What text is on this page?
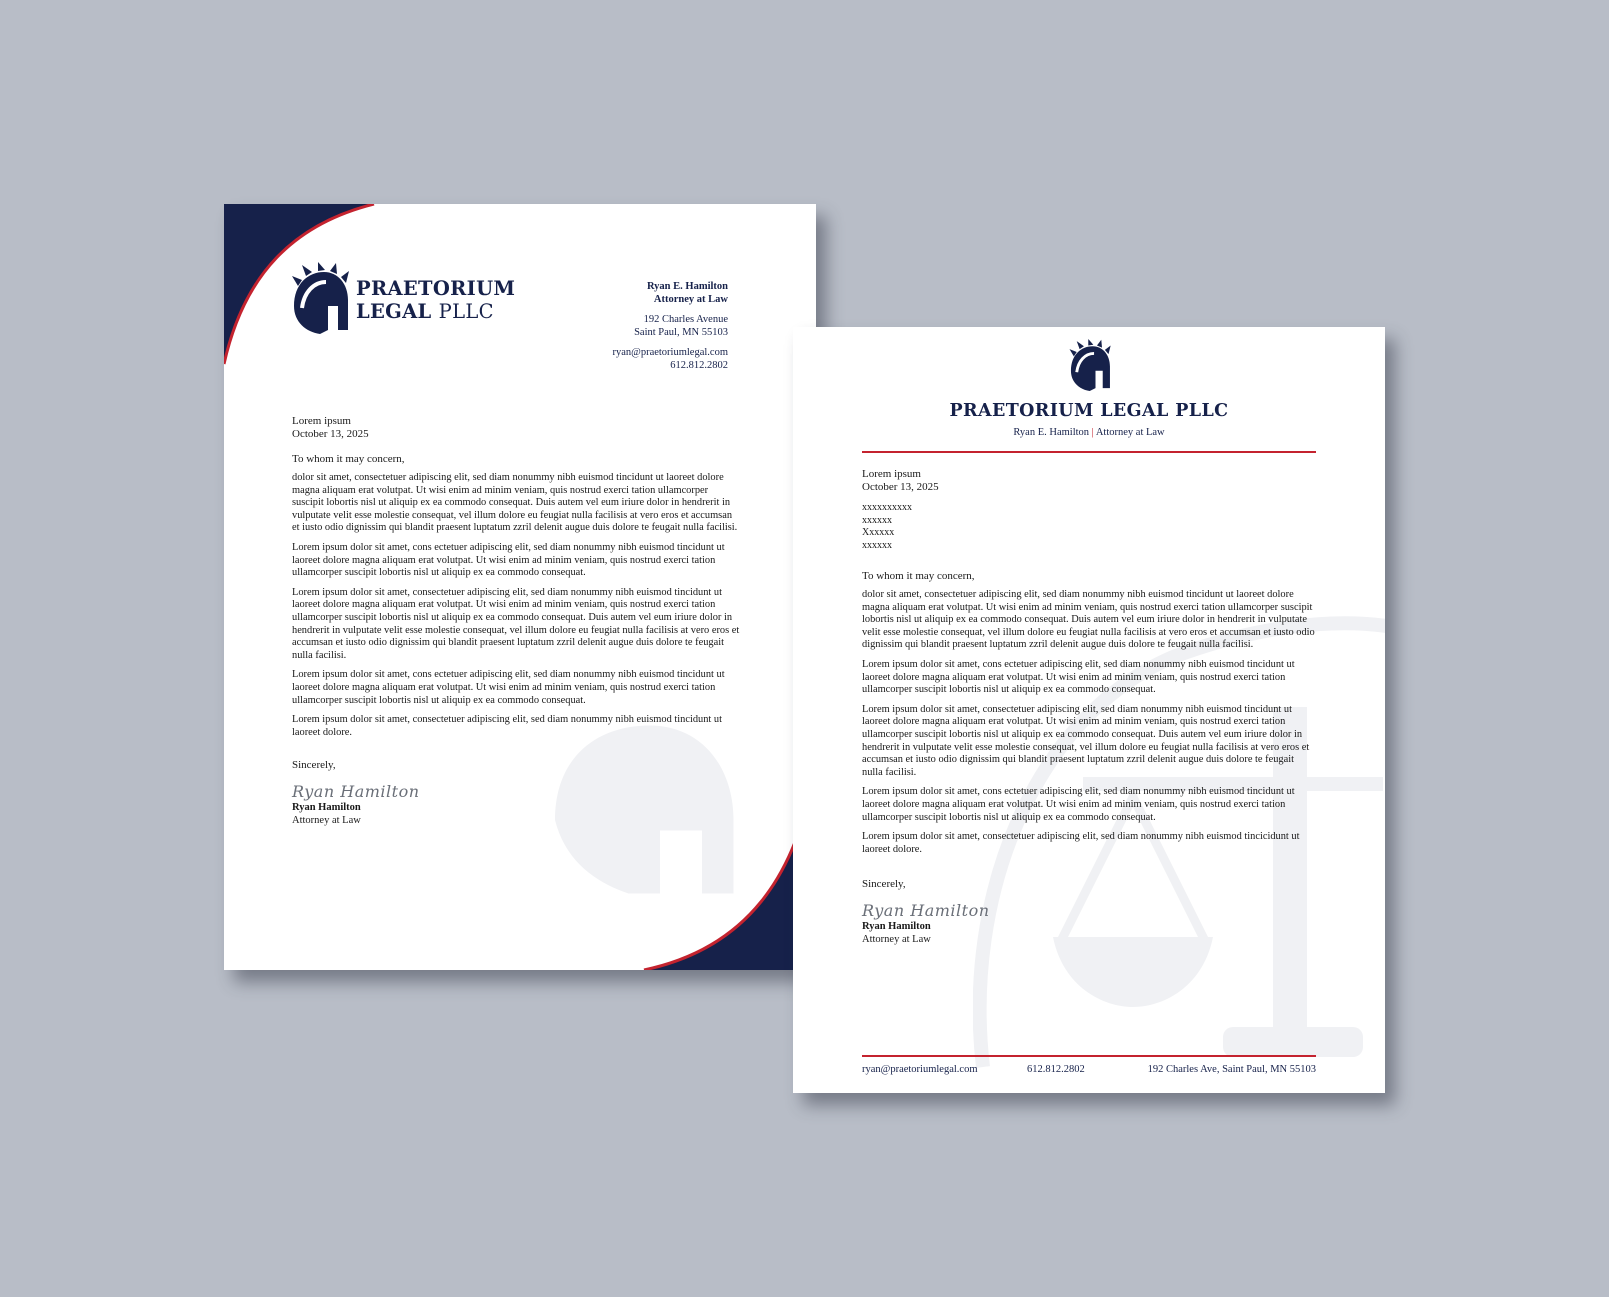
PRAETORIUM
LEGAL PLLC
Ryan E. Hamilton
Attorney at Law
192 Charles Avenue
Saint Paul, MN 55103
ryan@praetoriumlegal.com
612.812.2802
Lorem ipsum
October 13, 2025
To whom it may concern,

dolor sit amet, consectetuer adipiscing elit, sed diam nonummy nibh euismod tincidunt ut laoreet dolore magna aliquam erat volutpat. Ut wisi enim ad minim veniam, quis nostrud exerci tation ullamcorper suscipit lobortis nisl ut aliquip ex ea commodo consequat. Duis autem vel eum iriure dolor in hendrerit in vulputate velit esse molestie consequat, vel illum dolore eu feugiat nulla facilisis at vero eros et accumsan et iusto odio dignissim qui blandit praesent luptatum zzril delenit augue duis dolore te feugait nulla facilisi.

Lorem ipsum dolor sit amet, cons ectetuer adipiscing elit, sed diam nonummy nibh euismod tincidunt ut laoreet dolore magna aliquam erat volutpat. Ut wisi enim ad minim veniam, quis nostrud exerci tation ullamcorper suscipit lobortis nisl ut aliquip ex ea commodo consequat.

Lorem ipsum dolor sit amet, consectetuer adipiscing elit, sed diam nonummy nibh euismod tincidunt ut laoreet dolore magna aliquam erat volutpat. Ut wisi enim ad minim veniam, quis nostrud exerci tation ullamcorper suscipit lobortis nisl ut aliquip ex ea commodo consequat. Duis autem vel eum iriure dolor in hendrerit in vulputate velit esse molestie consequat, vel illum dolore eu feugiat nulla facilisis at vero eros et accumsan et iusto odio dignissim qui blandit praesent luptatum zzril delenit augue duis dolore te feugait nulla facilisi.

Lorem ipsum dolor sit amet, cons ectetuer adipiscing elit, sed diam nonummy nibh euismod tincidunt ut laoreet dolore magna aliquam erat volutpat. Ut wisi enim ad minim veniam, quis nostrud exerci tation ullamcorper suscipit lobortis nisl ut aliquip ex ea commodo consequat.

Lorem ipsum dolor sit amet, consectetuer adipiscing elit, sed diam nonummy nibh euismod tincidunt ut laoreet dolore.

Sincerely,
Ryan Hamilton
Ryan Hamilton
Attorney at Law
PRAETORIUM LEGAL PLLC
Ryan E. Hamilton | Attorney at Law
Lorem ipsum
October 13, 2025
xxxxxxxxxx
xxxxxx
Xxxxxx
xxxxxx
To whom it may concern,

dolor sit amet, consectetuer adipiscing elit, sed diam nonummy nibh euismod tincidunt ut laoreet dolore magna aliquam erat volutpat. Ut wisi enim ad minim veniam, quis nostrud exerci tation ullamcorper suscipit lobortis nisl ut aliquip ex ea commodo consequat. Duis autem vel eum iriure dolor in hendrerit in vulputate velit esse molestie consequat, vel illum dolore eu feugiat nulla facilisis at vero eros et accumsan et iusto odio dignissim qui blandit praesent luptatum zzril delenit augue duis dolore te feugait nulla facilisi.

Lorem ipsum dolor sit amet, cons ectetuer adipiscing elit, sed diam nonummy nibh euismod tincidunt ut laoreet dolore magna aliquam erat volutpat. Ut wisi enim ad minim veniam, quis nostrud exerci tation ullamcorper suscipit lobortis nisl ut aliquip ex ea commodo consequat.

Lorem ipsum dolor sit amet, consectetuer adipiscing elit, sed diam nonummy nibh euismod tincidunt ut laoreet dolore magna aliquam erat volutpat. Ut wisi enim ad minim veniam, quis nostrud exerci tation ullamcorper suscipit lobortis nisl ut aliquip ex ea commodo consequat. Duis autem vel eum iriure dolor in hendrerit in vulputate velit esse molestie consequat, vel illum dolore eu feugiat nulla facilisis at vero eros et accumsan et iusto odio dignissim qui blandit praesent luptatum zzril delenit augue duis dolore te feugait nulla facilisi.

Lorem ipsum dolor sit amet, cons ectetuer adipiscing elit, sed diam nonummy nibh euismod tincidunt ut laoreet dolore magna aliquam erat volutpat. Ut wisi enim ad minim veniam, quis nostrud exerci tation ullamcorper suscipit lobortis nisl ut aliquip ex ea commodo consequat.

Lorem ipsum dolor sit amet, consectetuer adipiscing elit, sed diam nonummy nibh euismod tincicidunt ut laoreet dolore.

Sincerely,
Ryan Hamilton
Ryan Hamilton
Attorney at Law
ryan@praetoriumlegal.com	612.812.2802	192 Charles Ave, Saint Paul, MN 55103
